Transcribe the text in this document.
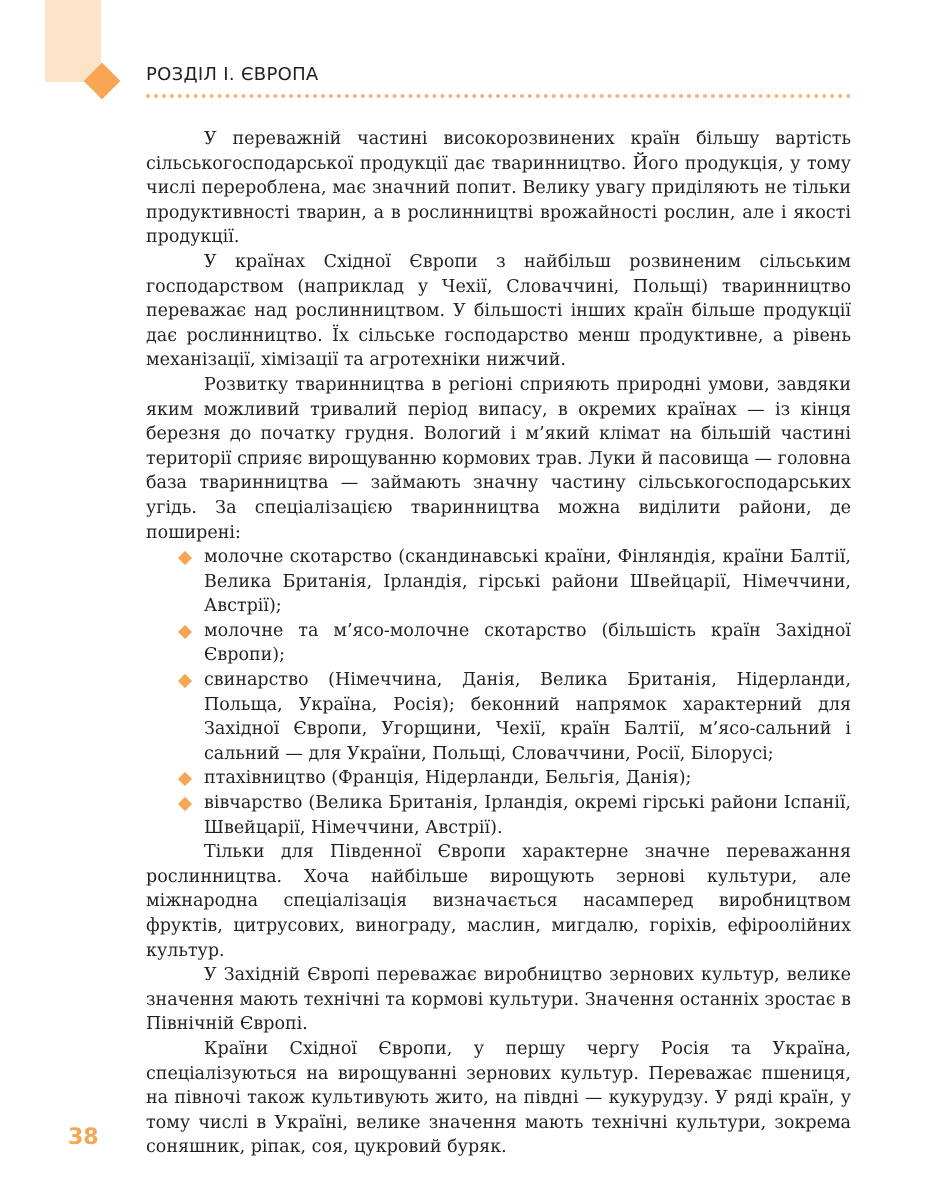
РОЗДІЛ І. ЄВРОПА

У переважній частині високорозвинених країн більшу вартість сільськогосподарської продукції дає тваринництво. Його продукція, у тому числі перероблена, має значний попит. Велику увагу приділяють не тільки продуктивності тварин, а в рослинництві врожайності рослин, але і якості продукції.

У країнах Східної Європи з найбільш розвиненим сільським господарством (наприклад у Чехії, Словаччині, Польщі) тваринництво переважає над рослинництвом. У більшості інших країн більше продукції дає рослинництво. Їх сільське господарство менш продуктивне, а рівень механізації, хімізації та агротехніки нижчий.

Розвитку тваринництва в регіоні сприяють природні умови, завдяки яким можливий тривалий період випасу, в окремих країнах — із кінця березня до початку грудня. Вологий і м’який клімат на більшій частині території сприяє вирощуванню кормових трав. Луки й пасовища — головна база тваринництва — займають значну частину сільськогосподарських угідь. За спеціалізацією тваринництва можна виділити райони, де поширені:

молочне скотарство (скандинавські країни, Фінляндія, країни Балтії, Велика Британія, Ірландія, гірські райони Швейцарії, Німеччини, Австрії);
молочне та м’ясо-молочне скотарство (більшість країн Західної Європи);
свинарство (Німеччина, Данія, Велика Британія, Нідерланди, Польща, Україна, Росія); беконний напрямок характерний для Західної Європи, Угорщини, Чехії, країн Балтії, м’ясо-сальний і сальний — для України, Польщі, Словаччини, Росії, Білорусі;
птахівництво (Франція, Нідерланди, Бельгія, Данія);
вівчарство (Велика Британія, Ірландія, окремі гірські райони Іспанії, Швейцарії, Німеччини, Австрії).

Тільки для Південної Європи характерне значне переважання рослинництва. Хоча найбільше вирощують зернові культури, але міжнародна спеціалізація визначається насамперед виробництвом фруктів, цитрусових, винограду, маслин, мигдалю, горіхів, ефіроолійних культур.

У Західній Європі переважає виробництво зернових культур, велике значення мають технічні та кормові культури. Значення останніх зростає в Північній Європі.

Країни Східної Європи, у першу чергу Росія та Україна, спеціалізуються на вирощуванні зернових культур. Переважає пшениця, на півночі також культивують жито, на півдні — кукурудзу. У ряді країн, у тому числі в Україні, велике значення мають технічні культури, зокрема соняшник, ріпак, соя, цукровий буряк.

38
